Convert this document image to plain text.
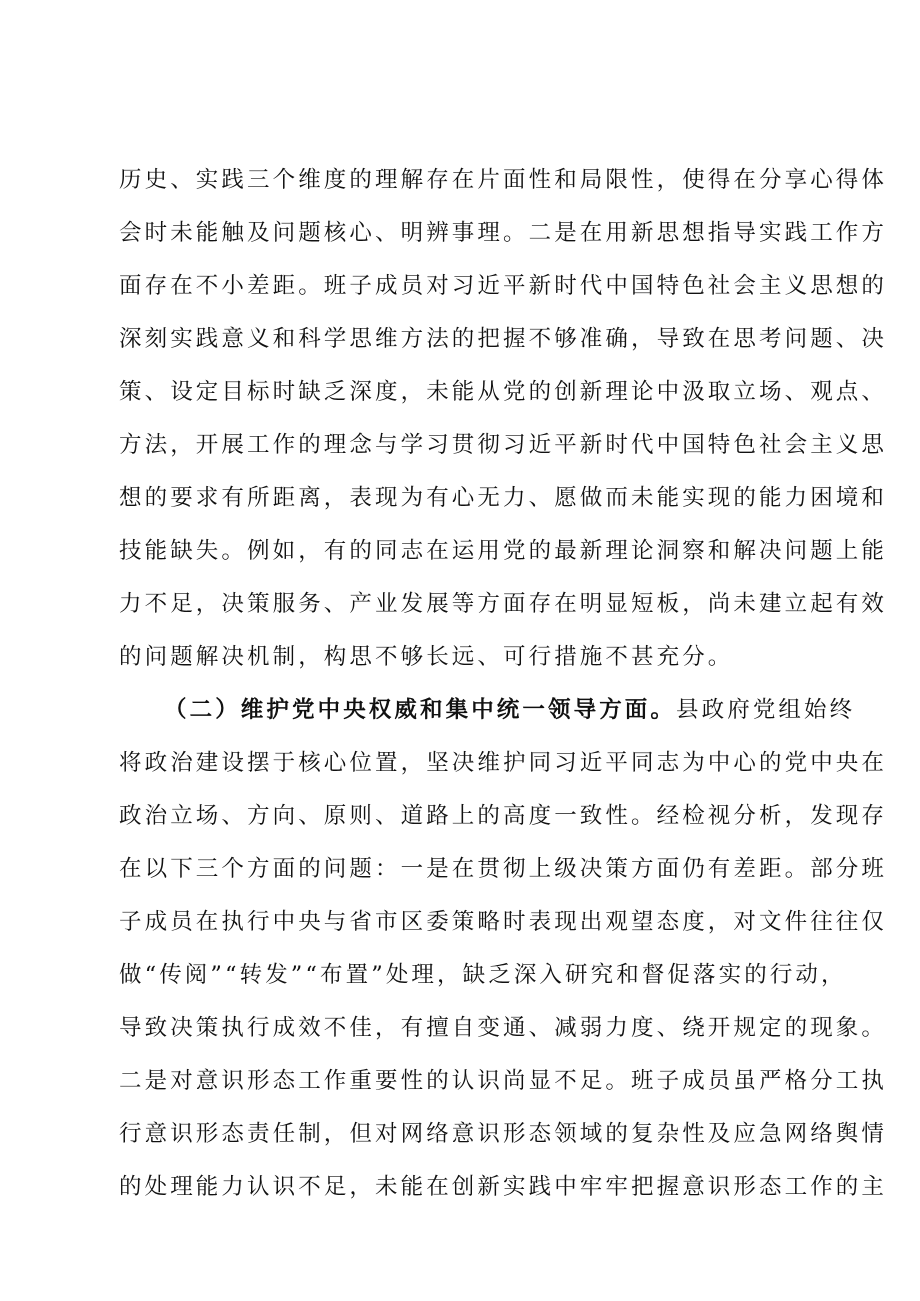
历史、实践三个维度的理解存在片面性和局限性，使得在分享心得体
会时未能触及问题核心、明辨事理。二是在用新思想指导实践工作方
面存在不小差距。班子成员对习近平新时代中国特色社会主义思想的
深刻实践意义和科学思维方法的把握不够准确，导致在思考问题、决
策、设定目标时缺乏深度，未能从党的创新理论中汲取立场、观点、
方法，开展工作的理念与学习贯彻习近平新时代中国特色社会主义思
想的要求有所距离，表现为有心无力、愿做而未能实现的能力困境和
技能缺失。例如，有的同志在运用党的最新理论洞察和解决问题上能
力不足，决策服务、产业发展等方面存在明显短板，尚未建立起有效
的问题解决机制，构思不够长远、可行措施不甚充分。
（二）维护党中央权威和集中统一领导方面。县政府党组始终
将政治建设摆于核心位置，坚决维护同习近平同志为中心的党中央在
政治立场、方向、原则、道路上的高度一致性。经检视分析，发现存
在以下三个方面的问题：一是在贯彻上级决策方面仍有差距。部分班
子成员在执行中央与省市区委策略时表现出观望态度，对文件往往仅
做“传阅”“转发”“布置”处理，缺乏深入研究和督促落实的行动，
导致决策执行成效不佳，有擅自变通、减弱力度、绕开规定的现象。
二是对意识形态工作重要性的认识尚显不足。班子成员虽严格分工执
行意识形态责任制，但对网络意识形态领域的复杂性及应急网络舆情
的处理能力认识不足，未能在创新实践中牢牢把握意识形态工作的主
